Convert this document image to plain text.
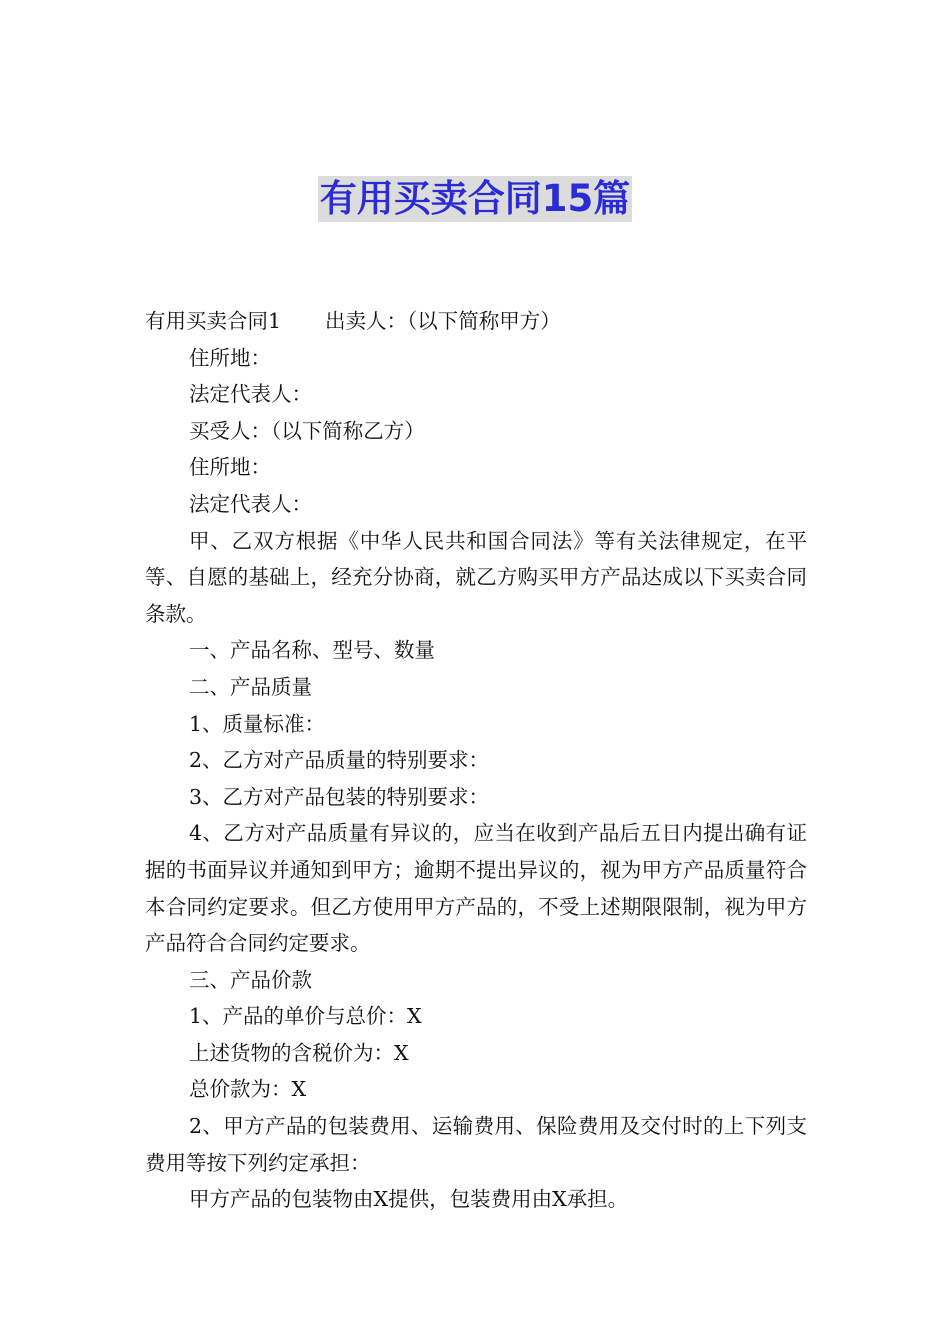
有用买卖合同15篇

有用买卖合同1 出卖人：（以下简称甲方）

住所地：

法定代表人：

买受人：（以下简称乙方）

住所地：

法定代表人：

甲、乙双方根据《中华人民共和国合同法》等有关法律规定，在平等、自愿的基础上，经充分协商，就乙方购买甲方产品达成以下买卖合同条款。

一、产品名称、型号、数量

二、产品质量

1、质量标准：

2、乙方对产品质量的特别要求：

3、乙方对产品包装的特别要求：

4、乙方对产品质量有异议的，应当在收到产品后五日内提出确有证据的书面异议并通知到甲方；逾期不提出异议的，视为甲方产品质量符合本合同约定要求。但乙方使用甲方产品的，不受上述期限限制，视为甲方产品符合合同约定要求。

三、产品价款

1、产品的单价与总价：X

上述货物的含税价为：X

总价款为：X

2、甲方产品的包装费用、运输费用、保险费用及交付时的上下列支费用等按下列约定承担：

甲方产品的包装物由X提供，包装费用由X承担。
